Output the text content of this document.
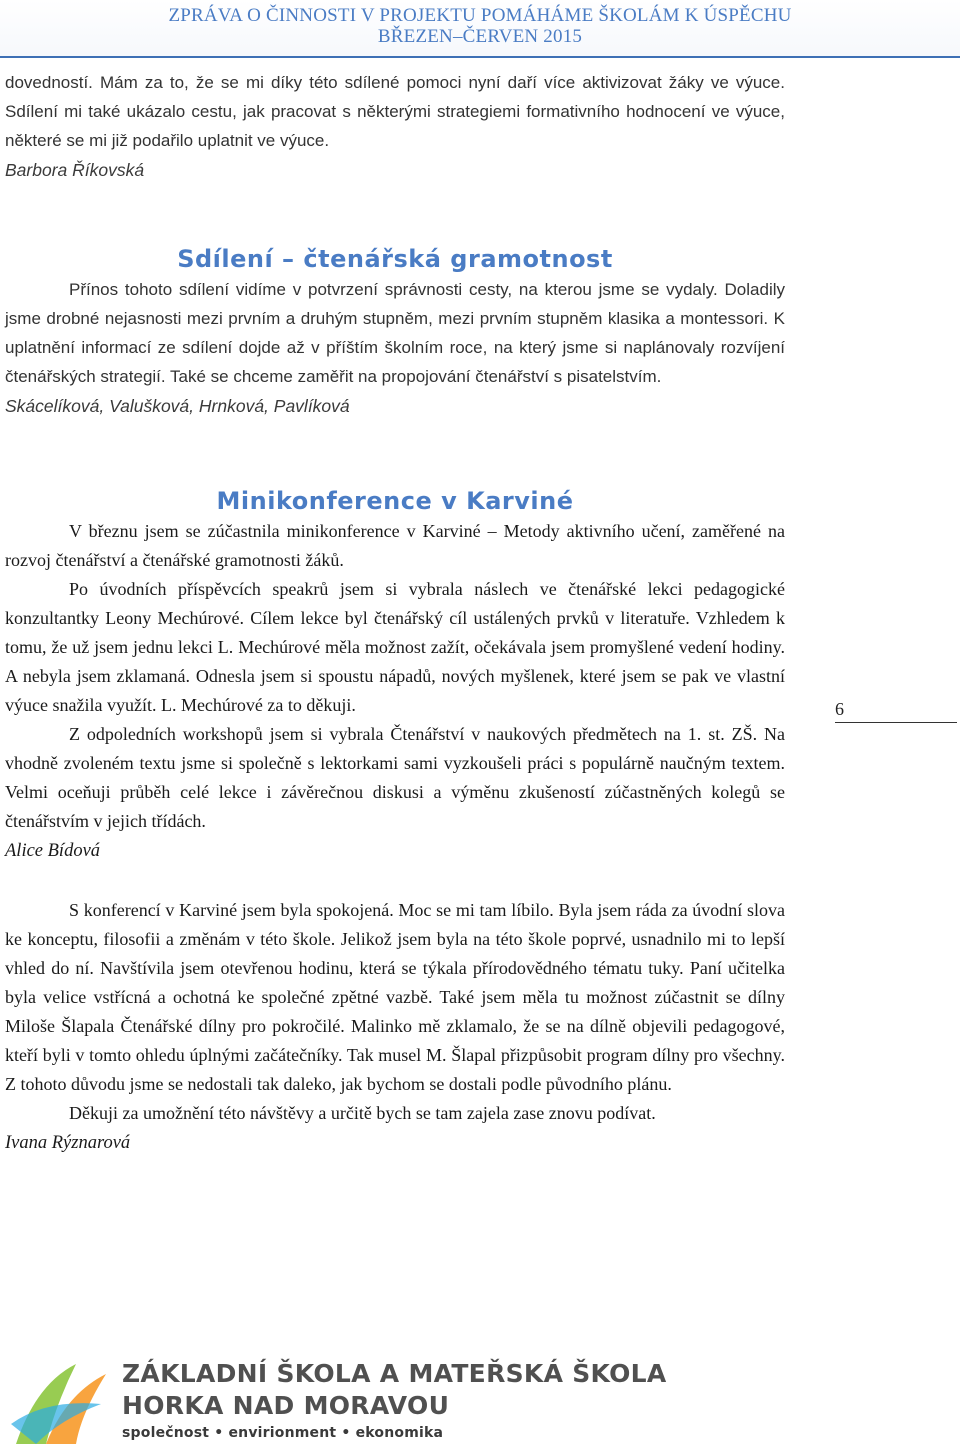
ZPRÁVA O ČINNOSTI V PROJEKTU POMÁHÁME ŠKOLÁM K ÚSPĚCHU
BŘEZEN–ČERVEN 2015

dovedností. Mám za to, že se mi díky této sdílené pomoci nyní daří více aktivizovat žáky ve výuce. Sdílení mi také ukázalo cestu, jak pracovat s některými strategiemi formativního hodnocení ve výuce, některé se mi již podařilo uplatnit ve výuce.

Barbora Říkovská

Sdílení – čtenářská gramotnost

Přínos tohoto sdílení vidíme v potvrzení správnosti cesty, na kterou jsme se vydaly. Doladily jsme drobné nejasnosti mezi prvním a druhým stupněm, mezi prvním stupněm klasika a montessori. K uplatnění informací ze sdílení dojde až v příštím školním roce, na který jsme si naplánovaly rozvíjení čtenářských strategií. Také se chceme zaměřit na propojování čtenářství s pisatelstvím.

Skácelíková, Valušková, Hrnková, Pavlíková

Minikonference v Karviné

V březnu jsem se zúčastnila minikonference v Karviné – Metody aktivního učení, zaměřené na rozvoj čtenářství a čtenářské gramotnosti žáků.

Po úvodních příspěvcích speakrů jsem si vybrala náslech ve čtenářské lekci pedagogické konzultantky Leony Mechúrové. Cílem lekce byl čtenářský cíl ustálených prvků v literatuře. Vzhledem k tomu, že už jsem jednu lekci L. Mechúrové měla možnost zažít, očekávala jsem promyšlené vedení hodiny. A nebyla jsem zklamaná. Odnesla jsem si spoustu nápadů, nových myšlenek, které jsem se pak ve vlastní výuce snažila využít. L. Mechúrové za to děkuji.

Z odpoledních workshopů jsem si vybrala Čtenářství v naukových předmětech na 1. st. ZŠ. Na vhodně zvoleném textu jsme si společně s lektorkami sami vyzkoušeli práci s populárně naučným textem. Velmi oceňuji průběh celé lekce i závěrečnou diskusi a výměnu zkušeností zúčastněných kolegů se čtenářstvím v jejich třídách.

Alice Bídová

S konferencí v Karviné jsem byla spokojená. Moc se mi tam líbilo. Byla jsem ráda za úvodní slova ke konceptu, filosofii a změnám v této škole. Jelikož jsem byla na této škole poprvé, usnadnilo mi to lepší vhled do ní. Navštívila jsem otevřenou hodinu, která se týkala přírodovědného tématu tuky. Paní učitelka byla velice vstřícná a ochotná ke společné zpětné vazbě. Také jsem měla tu možnost zúčastnit se dílny Miloše Šlapala Čtenářské dílny pro pokročilé. Malinko mě zklamalo, že se na dílně objevili pedagogové, kteří byli v tomto ohledu úplnými začátečníky. Tak musel M. Šlapal přizpůsobit program dílny pro všechny. Z tohoto důvodu jsme se nedostali tak daleko, jak bychom se dostali podle původního plánu.

Děkuji za umožnění této návštěvy a určitě bych se tam zajela zase znovu podívat.

Ivana Rýznarová

6
ZÁKLADNÍ ŠKOLA A MATEŘSKÁ ŠKOLA
HORKA NAD MORAVOU
společnost • envirionment • ekonomika
